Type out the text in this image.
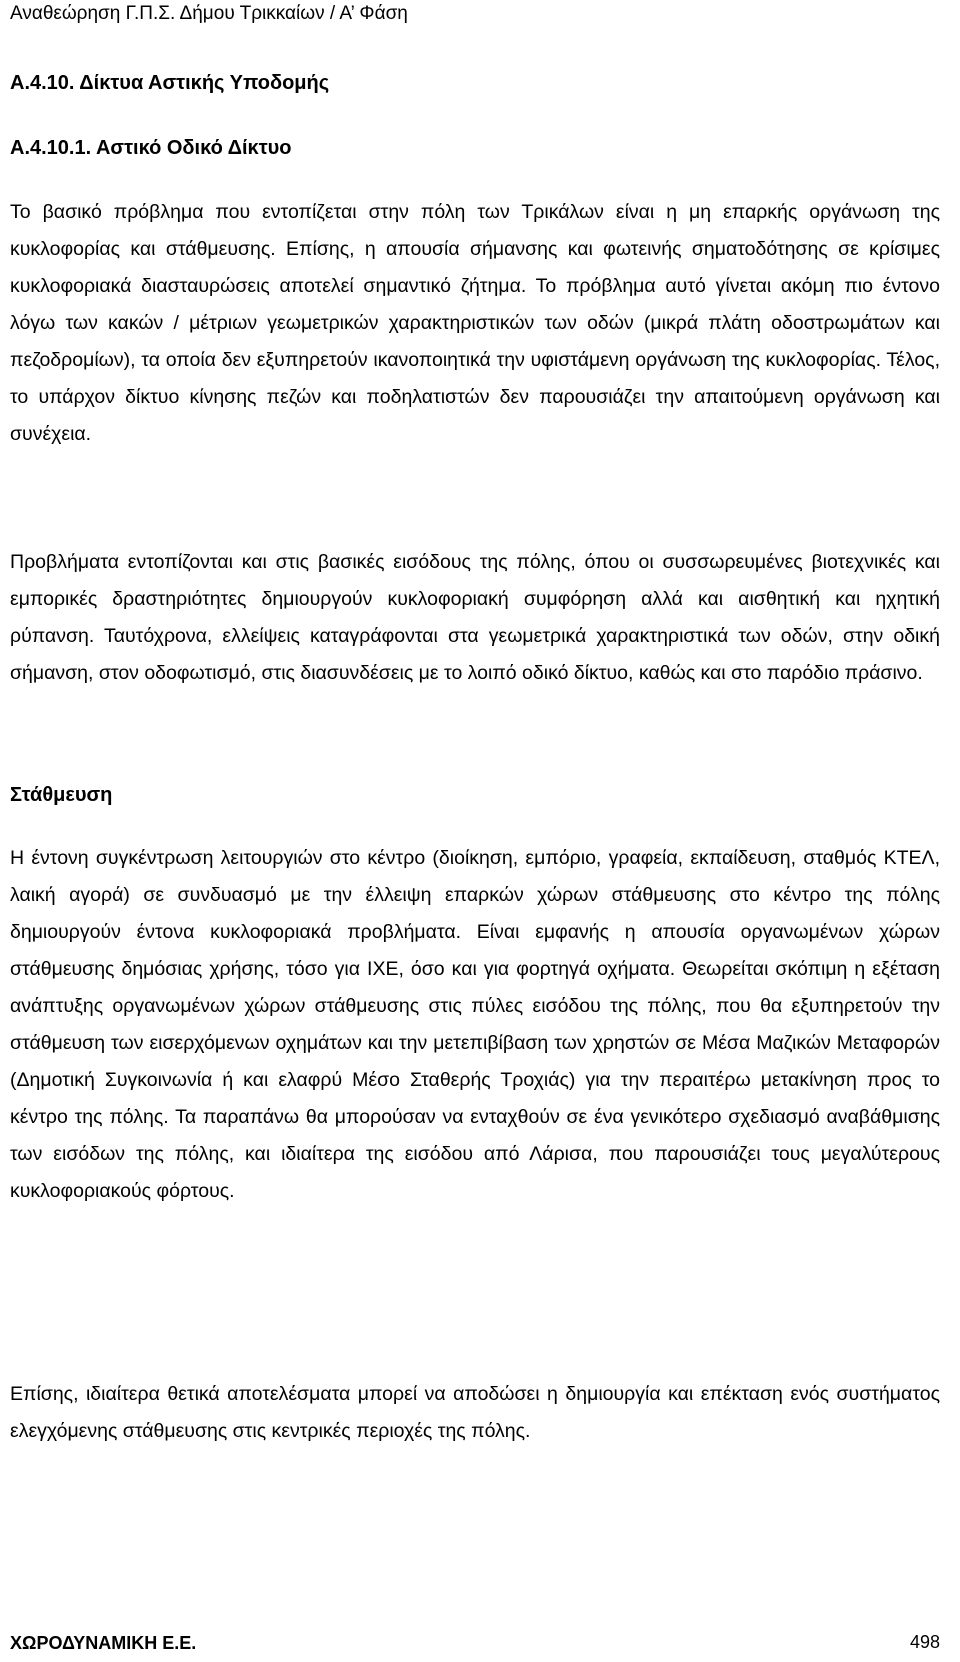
Αναθεώρηση Γ.Π.Σ. Δήμου Τρικκαίων / Α’ Φάση
Α.4.10. Δίκτυα Αστικής Υποδομής
Α.4.10.1. Αστικό Οδικό Δίκτυο
Το βασικό πρόβλημα που εντοπίζεται στην πόλη των Τρικάλων είναι η μη επαρκής οργάνωση της κυκλοφορίας και στάθμευσης. Επίσης, η απουσία σήμανσης και φωτεινής σηματοδότησης σε κρίσιμες κυκλοφοριακά διασταυρώσεις αποτελεί σημαντικό ζήτημα. Το πρόβλημα αυτό γίνεται ακόμη πιο έντονο λόγω των κακών / μέτριων γεωμετρικών χαρακτηριστικών των οδών (μικρά πλάτη οδοστρωμάτων και πεζοδρομίων), τα οποία δεν εξυπηρετούν ικανοποιητικά την υφιστάμενη οργάνωση της κυκλοφορίας. Τέλος, το υπάρχον δίκτυο κίνησης πεζών και ποδηλατιστών δεν παρουσιάζει την απαιτούμενη οργάνωση και συνέχεια.
Προβλήματα εντοπίζονται και στις βασικές εισόδους της πόλης, όπου οι συσσωρευμένες βιοτεχνικές και εμπορικές δραστηριότητες δημιουργούν κυκλοφοριακή συμφόρηση αλλά και αισθητική και ηχητική ρύπανση. Ταυτόχρονα, ελλείψεις καταγράφονται στα γεωμετρικά χαρακτηριστικά των οδών, στην οδική σήμανση, στον οδοφωτισμό, στις διασυνδέσεις με το λοιπό οδικό δίκτυο, καθώς και στο παρόδιο πράσινο.
Στάθμευση
Η έντονη συγκέντρωση λειτουργιών στο κέντρο (διοίκηση, εμπόριο, γραφεία, εκπαίδευση, σταθμός ΚΤΕΛ, λαική αγορά) σε συνδυασμό με την έλλειψη επαρκών χώρων στάθμευσης στο κέντρο της πόλης δημιουργούν έντονα κυκλοφοριακά προβλήματα. Είναι εμφανής η απουσία οργανωμένων χώρων στάθμευσης δημόσιας χρήσης, τόσο για ΙΧΕ, όσο και για φορτηγά οχήματα. Θεωρείται σκόπιμη η εξέταση ανάπτυξης οργανωμένων χώρων στάθμευσης στις πύλες εισόδου της πόλης, που θα εξυπηρετούν την στάθμευση των εισερχόμενων οχημάτων και την μετεπιβίβαση των χρηστών σε Μέσα Μαζικών Μεταφορών (Δημοτική Συγκοινωνία ή και ελαφρύ Μέσο Σταθερής Τροχιάς) για την περαιτέρω μετακίνηση προς το κέντρο της πόλης. Τα παραπάνω θα μπορούσαν να ενταχθούν σε ένα γενικότερο σχεδιασμό αναβάθμισης των εισόδων της πόλης, και ιδιαίτερα της εισόδου από Λάρισα, που παρουσιάζει τους μεγαλύτερους κυκλοφοριακούς φόρτους.
Επίσης, ιδιαίτερα θετικά αποτελέσματα μπορεί να αποδώσει η δημιουργία και επέκταση ενός συστήματος ελεγχόμενης στάθμευσης στις κεντρικές περιοχές της πόλης.
ΧΩΡΟΔΥΝΑΜΙΚΗ Ε.Ε.	498
